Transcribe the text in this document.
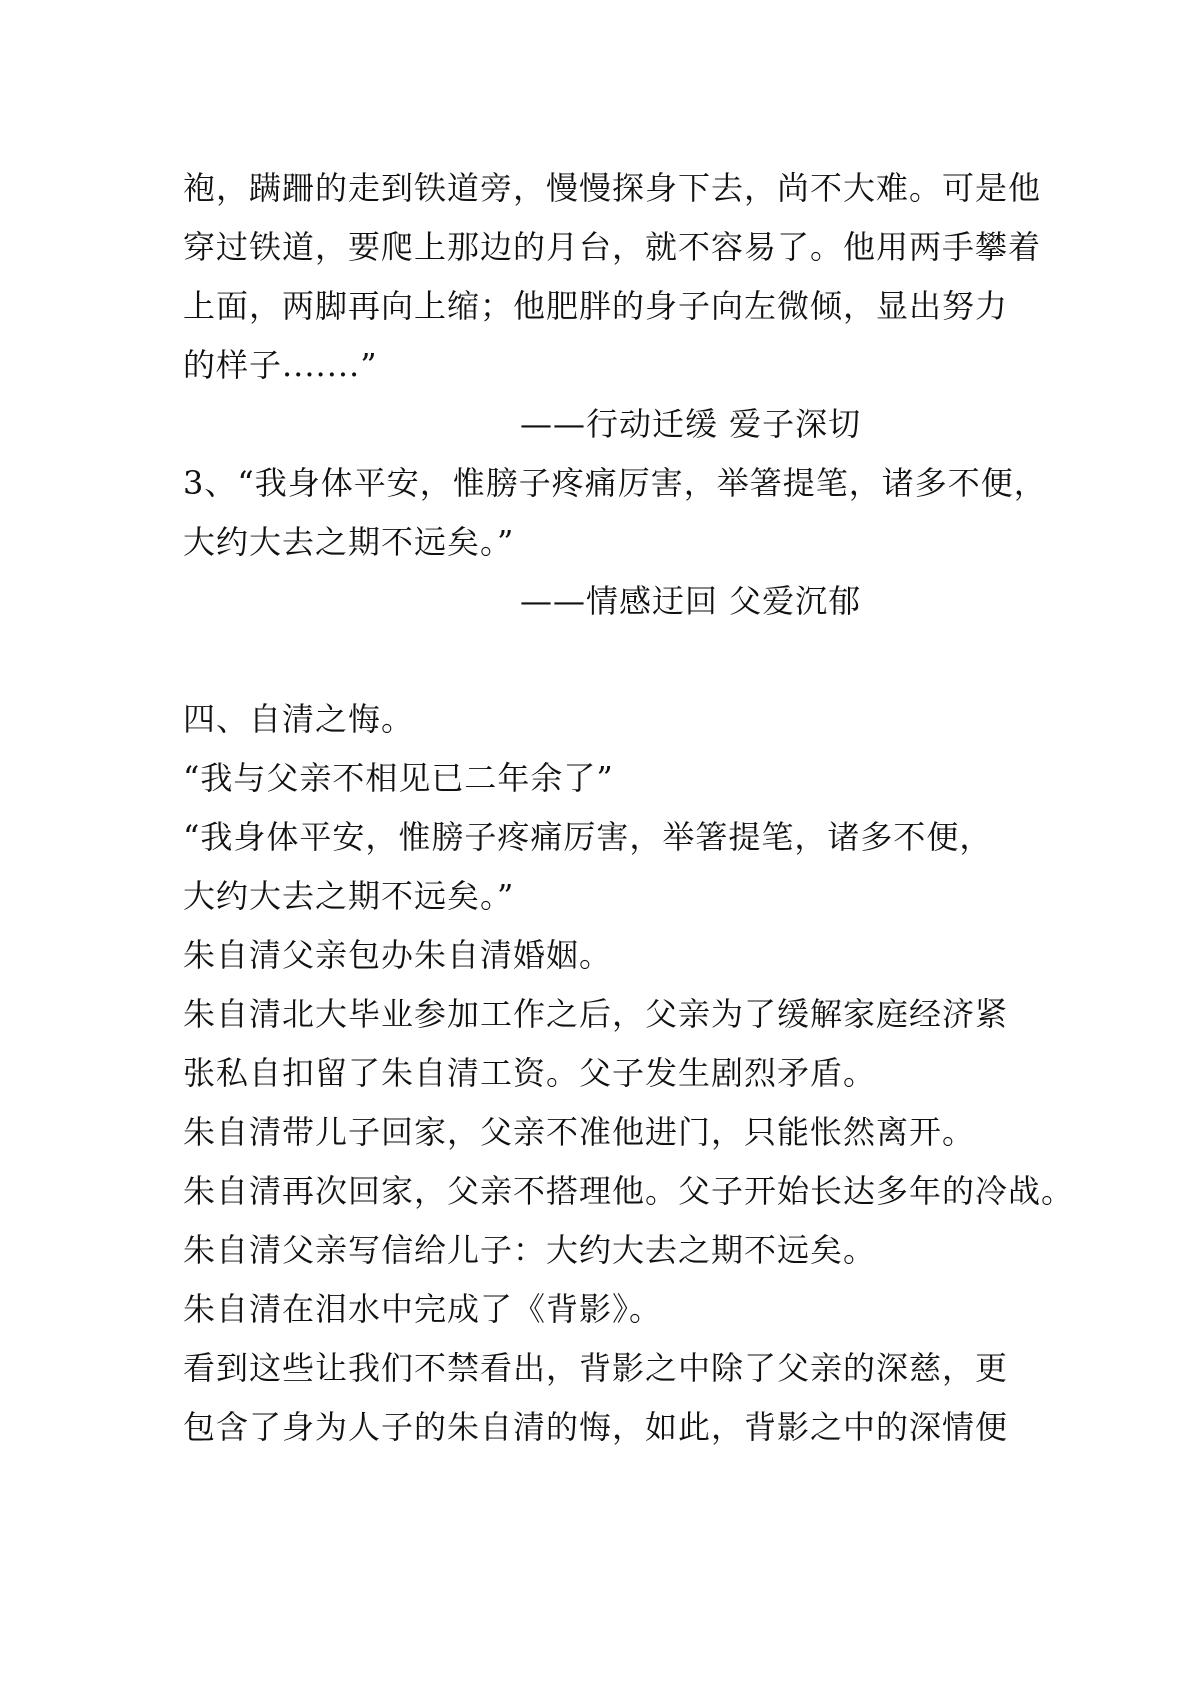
袍，蹒跚的走到铁道旁，慢慢探身下去，尚不大难。可是他
穿过铁道，要爬上那边的月台，就不容易了。他用两手攀着
上面，两脚再向上缩；他肥胖的身子向左微倾，显出努力
的样子.......”
——行动迁缓 爱子深切
3、“我身体平安，惟膀子疼痛厉害，举箸提笔，诸多不便，
大约大去之期不远矣。”
——情感迂回 父爱沉郁
四、自清之悔。
“我与父亲不相见已二年余了”
“我身体平安，惟膀子疼痛厉害，举箸提笔，诸多不便，
大约大去之期不远矣。”
朱自清父亲包办朱自清婚姻。
朱自清北大毕业参加工作之后，父亲为了缓解家庭经济紧
张私自扣留了朱自清工资。父子发生剧烈矛盾。
朱自清带儿子回家，父亲不准他进门，只能怅然离开。
朱自清再次回家，父亲不搭理他。父子开始长达多年的冷战。
朱自清父亲写信给儿子：大约大去之期不远矣。
朱自清在泪水中完成了《背影》。
看到这些让我们不禁看出，背影之中除了父亲的深慈，更
包含了身为人子的朱自清的悔，如此，背影之中的深情便
